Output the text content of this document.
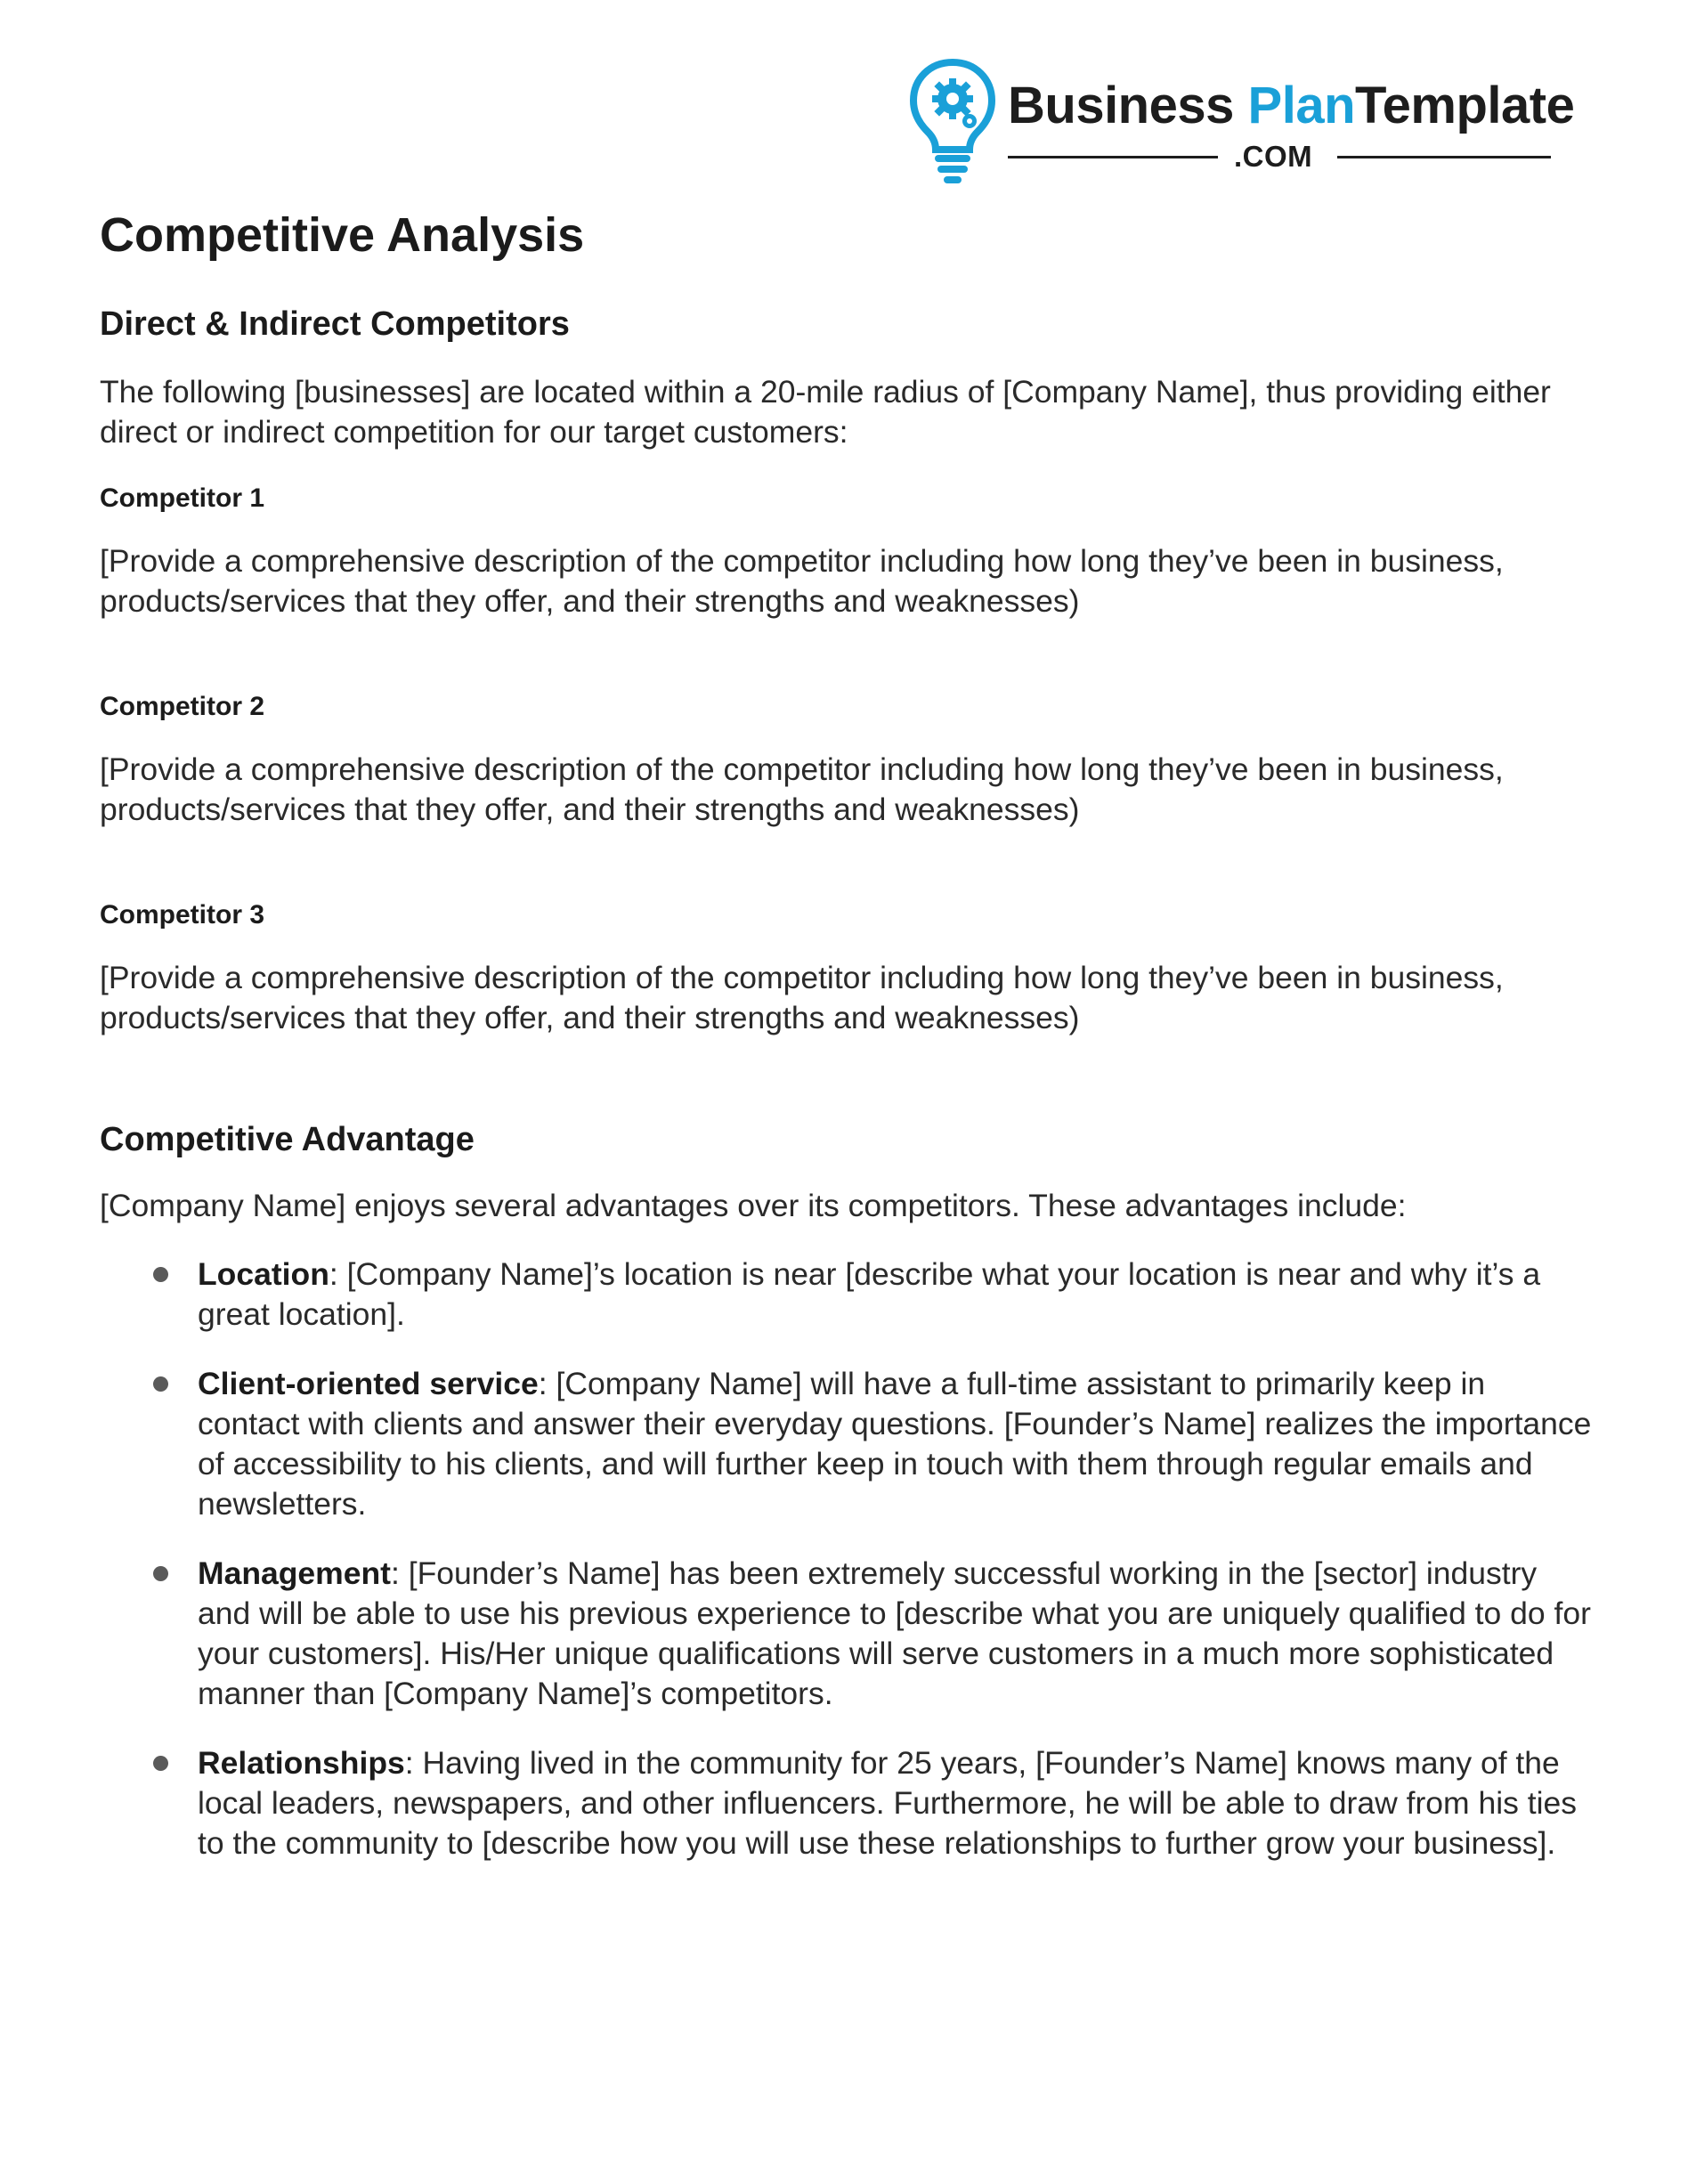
Business PlanTemplate
.COM
Competitive Analysis
Direct & Indirect Competitors

The following [businesses] are located within a 20-mile radius of [Company Name], thus providing either direct or indirect competition for our target customers:

Competitor 1

[Provide a comprehensive description of the competitor including how long they’ve been in business, products/services that they offer, and their strengths and weaknesses)

Competitor 2

[Provide a comprehensive description of the competitor including how long they’ve been in business, products/services that they offer, and their strengths and weaknesses)

Competitor 3

[Provide a comprehensive description of the competitor including how long they’ve been in business, products/services that they offer, and their strengths and weaknesses)

Competitive Advantage

[Company Name] enjoys several advantages over its competitors. These advantages include:

Location: [Company Name]’s location is near [describe what your location is near and why it’s a great location].
Client-oriented service: [Company Name] will have a full-time assistant to primarily keep in contact with clients and answer their everyday questions. [Founder’s Name] realizes the importance of accessibility to his clients, and will further keep in touch with them through regular emails and newsletters.
Management: [Founder’s Name] has been extremely successful working in the [sector] industry and will be able to use his previous experience to [describe what you are uniquely qualified to do for your customers]. His/Her unique qualifications will serve customers in a much more sophisticated manner than [Company Name]’s competitors.
Relationships: Having lived in the community for 25 years, [Founder’s Name] knows many of the local leaders, newspapers, and other influencers. Furthermore, he will be able to draw from his ties to the community to [describe how you will use these relationships to further grow your business].
